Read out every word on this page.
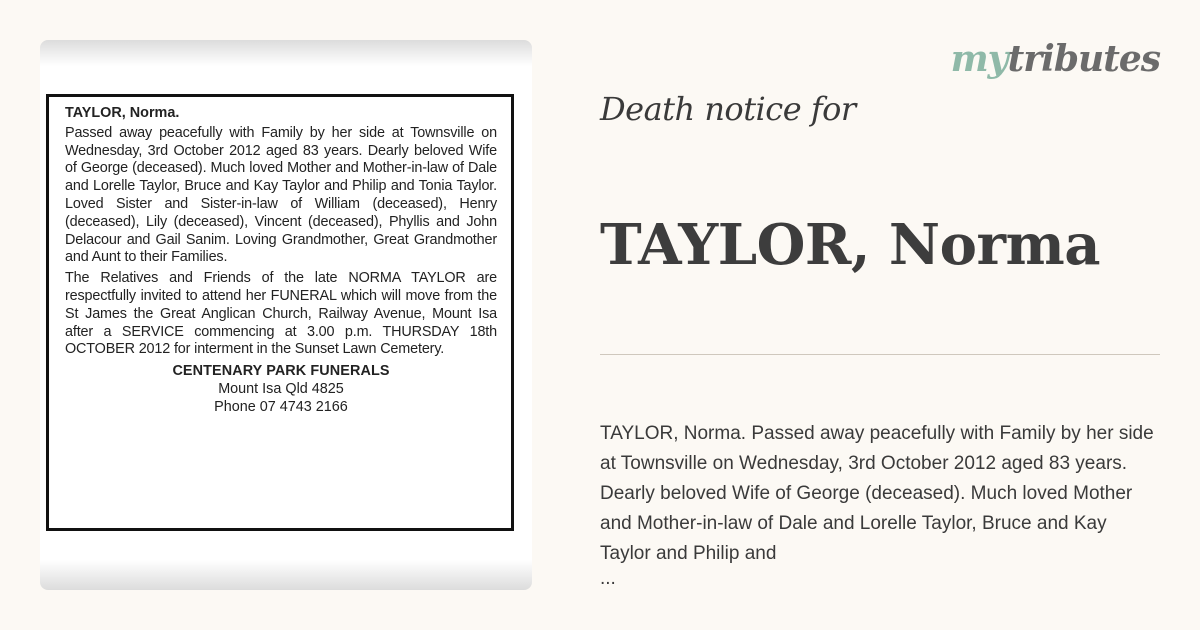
TAYLOR, Norma.

Passed away peacefully with Family by her side at Townsville on Wednesday, 3rd October 2012 aged 83 years. Dearly beloved Wife of George (deceased). Much loved Mother and Mother-in-law of Dale and Lorelle Taylor, Bruce and Kay Taylor and Philip and Tonia Taylor. Loved Sister and Sister-in-law of William (deceased), Henry (deceased), Lily (deceased), Vincent (deceased), Phyllis and John Delacour and Gail Sanim. Loving Grandmother, Great Grandmother and Aunt to their Families.

The Relatives and Friends of the late NORMA TAYLOR are respectfully invited to attend her FUNERAL which will move from the St James the Great Anglican Church, Railway Avenue, Mount Isa after a SERVICE commencing at 3.00 p.m. THURSDAY 18th OCTOBER 2012 for interment in the Sunset Lawn Cemetery.

CENTENARY PARK FUNERALS
Mount Isa Qld 4825
Phone 07 4743 2166
mytributes
Death notice for
TAYLOR, Norma

TAYLOR, Norma. Passed away peacefully with Family by her side at Townsville on Wednesday, 3rd October 2012 aged 83 years. Dearly beloved Wife of George (deceased). Much loved Mother and Mother-in-law of Dale and Lorelle Taylor, Bruce and Kay Taylor and Philip and

...
